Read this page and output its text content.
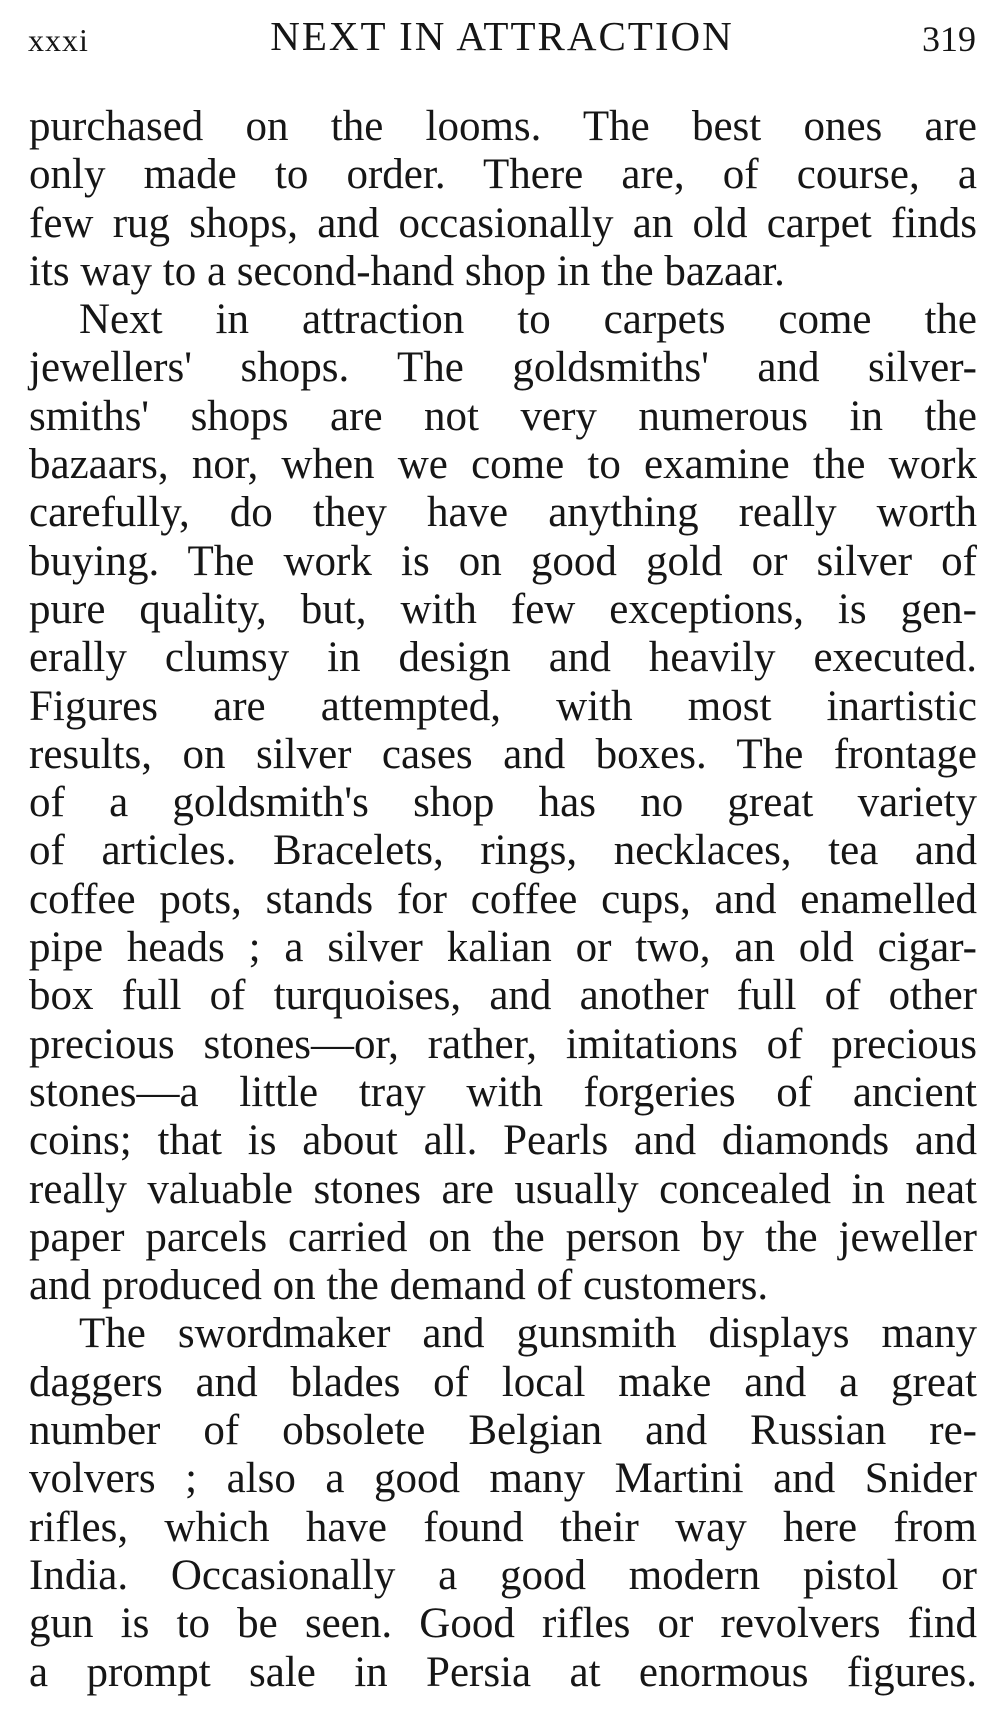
xxxi	NEXT IN ATTRACTION	319
purchased on the looms. The best ones are
only made to order. There are, of course, a
few rug shops, and occasionally an old carpet finds
its way to a second-hand shop in the bazaar.
Next in attraction to carpets come the
jewellers' shops. The goldsmiths' and silver-
smiths' shops are not very numerous in the
bazaars, nor, when we come to examine the work
carefully, do they have anything really worth
buying. The work is on good gold or silver of
pure quality, but, with few exceptions, is gen-
erally clumsy in design and heavily executed.
Figures are attempted, with most inartistic
results, on silver cases and boxes. The frontage
of a goldsmith's shop has no great variety
of articles. Bracelets, rings, necklaces, tea and
coffee pots, stands for coffee cups, and enamelled
pipe heads ; a silver kalian or two, an old cigar-
box full of turquoises, and another full of other
precious stones—or, rather, imitations of precious
stones—a little tray with forgeries of ancient
coins; that is about all. Pearls and diamonds and
really valuable stones are usually concealed in neat
paper parcels carried on the person by the jeweller
and produced on the demand of customers.
The swordmaker and gunsmith displays many
daggers and blades of local make and a great
number of obsolete Belgian and Russian re-
volvers ; also a good many Martini and Snider
rifles, which have found their way here from
India. Occasionally a good modern pistol or
gun is to be seen. Good rifles or revolvers find
a prompt sale in Persia at enormous figures.
